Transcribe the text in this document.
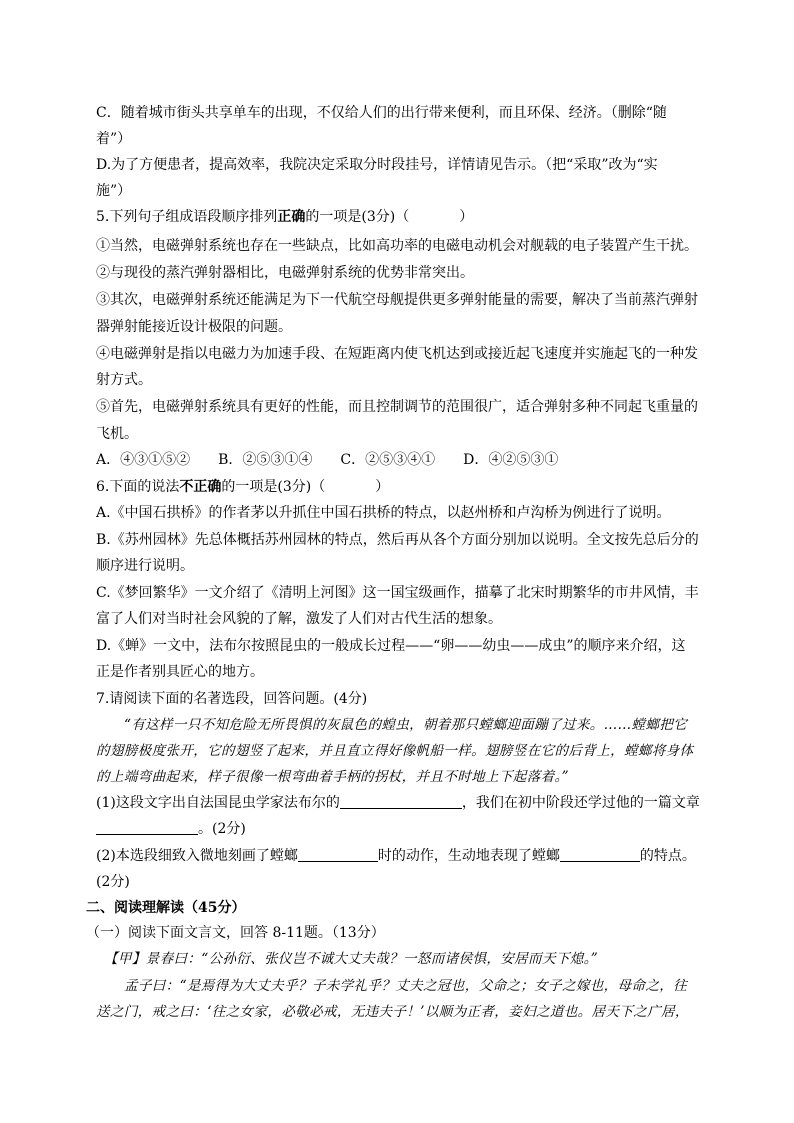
C．随着城市街头共享单车的出现，不仅给人们的出行带来便利，而且环保、经济。（删除“随
着”）
D.为了方便患者，提高效率，我院决定采取分时段挂号，详情请见告示。（把“采取”改为“实
施”）
5.下列句子组成语段顺序排列正确的一项是(3分)（	）
①当然，电磁弹射系统也存在一些缺点，比如高功率的电磁电动机会对舰载的电子装置产生干扰。
②与现役的蒸汽弹射器相比，电磁弹射系统的优势非常突出。
③其次，电磁弹射系统还能满足为下一代航空母舰提供更多弹射能量的需要，解决了当前蒸汽弹射
器弹射能接近设计极限的问题。
④电磁弹射是指以电磁力为加速手段、在短距离内使飞机达到或接近起飞速度并实施起飞的一种发
射方式。
⑤首先，电磁弹射系统具有更好的性能，而且控制调节的范围很广，适合弹射多种不同起飞重量的
飞机。
A．④③①⑤②　　B．②⑤③①④　　C．②⑤③④①　　D．④②⑤③①
6.下面的说法不正确的一项是(3分)（	）
A.《中国石拱桥》的作者茅以升抓住中国石拱桥的特点，以赵州桥和卢沟桥为例进行了说明。
B.《苏州园林》先总体概括苏州园林的特点，然后再从各个方面分别加以说明。全文按先总后分的
顺序进行说明。
C.《梦回繁华》一文介绍了《清明上河图》这一国宝级画作，描摹了北宋时期繁华的市井风情，丰
富了人们对当时社会风貌的了解，激发了人们对古代生活的想象。
D.《蝉》一文中，法布尔按照昆虫的一般成长过程——“卵——幼虫——成虫”的顺序来介绍，这
正是作者别具匠心的地方。
7.请阅读下面的名著选段，回答问题。(4分)
“有这样一只不知危险无所畏惧的灰鼠色的蝗虫，朝着那只螳螂迎面蹦了过来。……螳螂把它
的翅膀极度张开，它的翅竖了起来，并且直立得好像帆船一样。翅膀竖在它的后背上，螳螂将身体
的上端弯曲起来，样子很像一根弯曲着手柄的拐杖，并且不时地上下起落着。”
(1)这段文字出自法国昆虫学家法布尔的	，我们在初中阶段还学过他的一篇文章
。(2分)
(2)本选段细致入微地刻画了螳螂	时的动作，生动地表现了螳螂	的特点。
(2分)
二、阅读理解读（45分）
（一）阅读下面文言文，回答 8-11题。（13分）
【甲】景春曰：“公孙衍、张仪岂不诚大丈夫哉？一怒而诸侯惧，安居而天下熄。”
孟子曰：“是焉得为大丈夫乎？子未学礼乎？丈夫之冠也，父命之；女子之嫁也，母命之，往
送之门，戒之曰：‘往之女家，必敬必戒，无违夫子！’以顺为正者，妾妇之道也。居天下之广居，
